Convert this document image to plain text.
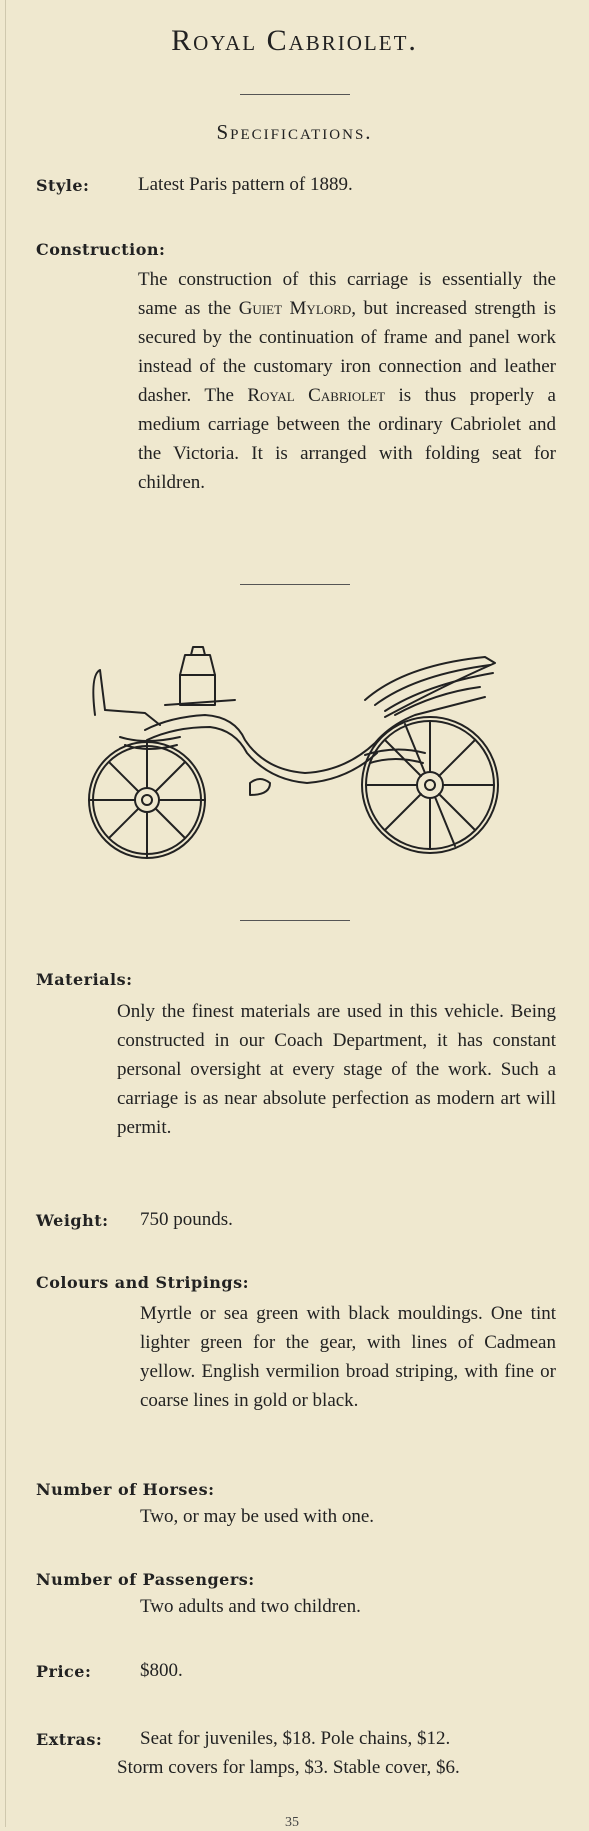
Royal Cabriolet.
Specifications.
Style:	Latest Paris pattern of 1889.
Construction:
The construction of this carriage is essentially the same as the Guiet Mylord, but increased strength is secured by the continuation of frame and panel work instead of the customary iron connection and leather dasher. The Royal Cabriolet is thus properly a medium carriage between the ordinary Cabriolet and the Victoria. It is arranged with folding seat for children.
Materials:
Only the finest materials are used in this vehicle. Being constructed in our Coach Department, it has constant personal oversight at every stage of the work. Such a carriage is as near absolute perfection as modern art will permit.
Weight: 750 pounds.
Colours and Stripings:
Myrtle or sea green with black mouldings. One tint lighter green for the gear, with lines of Cadmean yellow. English vermilion broad striping, with fine or coarse lines in gold or black.
Number of Horses:
Two, or may be used with one.
Number of Passengers:
Two adults and two children.
Price:	$800.
Extras: Seat for juveniles, $18. Pole chains, $12.
Storm covers for lamps, $3. Stable cover, $6.
35
